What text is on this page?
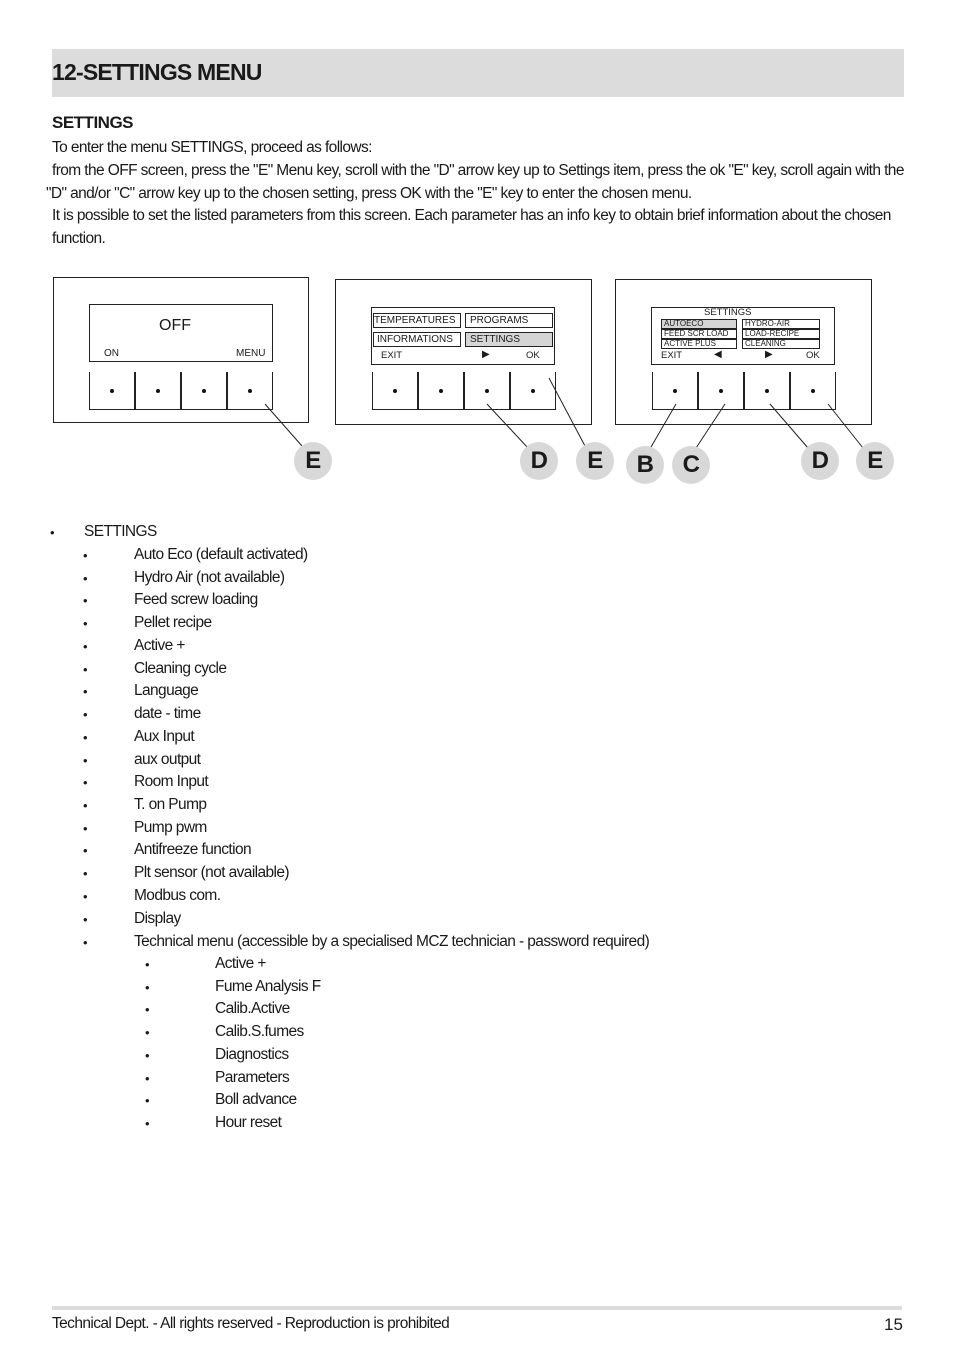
12-SETTINGS MENU
SETTINGS
To enter the menu SETTINGS, proceed as follows:
from the OFF screen, press the "E" Menu key, scroll with the "D" arrow key up to Settings item, press the ok "E" key, scroll again with the
"D" and/or "C" arrow key up to the chosen setting, press OK with the "E" key to enter the chosen menu.
It is possible to set the listed parameters from this screen. Each parameter has an info key to obtain brief information about the chosen
function.
OFF
ON	MENU
TEMPERATURES	PROGRAMS
INFORMATIONS	SETTINGS
EXIT	▶	OK
SETTINGS
AUTOECO	HYDRO-AIR
FEED SCR LOAD	LOAD-RECIPE
ACTIVE PLUS	CLEANING
EXIT	◀	▶	OK
E	D	E	B	C	D	E
• SETTINGS
•	Auto Eco (default activated)
•	Hydro Air (not available)
•	Feed screw loading
•	Pellet recipe
•	Active +
•	Cleaning cycle
•	Language
•	date - time
•	Aux Input
•	aux output
•	Room Input
•	T. on Pump
•	Pump pwm
•	Antifreeze function
•	Plt sensor (not available)
•	Modbus com.
•	Display
•	Technical menu (accessible by a specialised MCZ technician - password required)
•	Active +
•	Fume Analysis F
•	Calib.Active
•	Calib.S.fumes
•	Diagnostics
•	Parameters
•	Boll advance
•	Hour reset
Technical Dept. - All rights reserved - Reproduction is prohibited	15
